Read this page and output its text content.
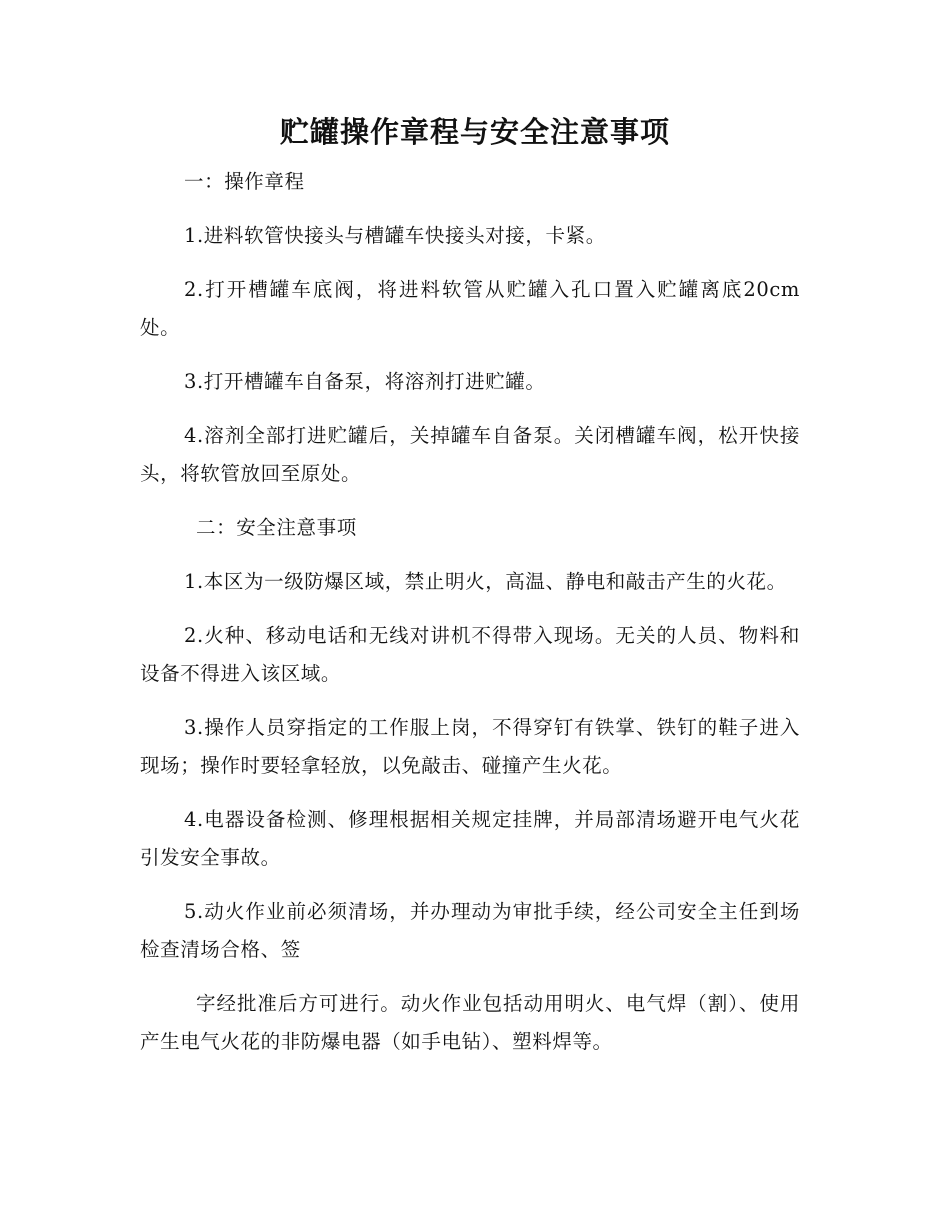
贮罐操作章程与安全注意事项

一：操作章程

1.进料软管快接头与槽罐车快接头对接，卡紧。

2.打开槽罐车底阀，将进料软管从贮罐入孔口置入贮罐离底20cm处。

3.打开槽罐车自备泵，将溶剂打进贮罐。

4.溶剂全部打进贮罐后，关掉罐车自备泵。关闭槽罐车阀，松开快接头，将软管放回至原处。

二：安全注意事项

1.本区为一级防爆区域，禁止明火，高温、静电和敲击产生的火花。

2.火种、移动电话和无线对讲机不得带入现场。无关的人员、物料和设备不得进入该区域。

3.操作人员穿指定的工作服上岗，不得穿钉有铁掌、铁钉的鞋子进入现场；操作时要轻拿轻放，以免敲击、碰撞产生火花。

4.电器设备检测、修理根据相关规定挂牌，并局部清场避开电气火花引发安全事故。

5.动火作业前必须清场，并办理动为审批手续，经公司安全主任到场检查清场合格、签

字经批准后方可进行。动火作业包括动用明火、电气焊（割）、使用产生电气火花的非防爆电器（如手电钻）、塑料焊等。
